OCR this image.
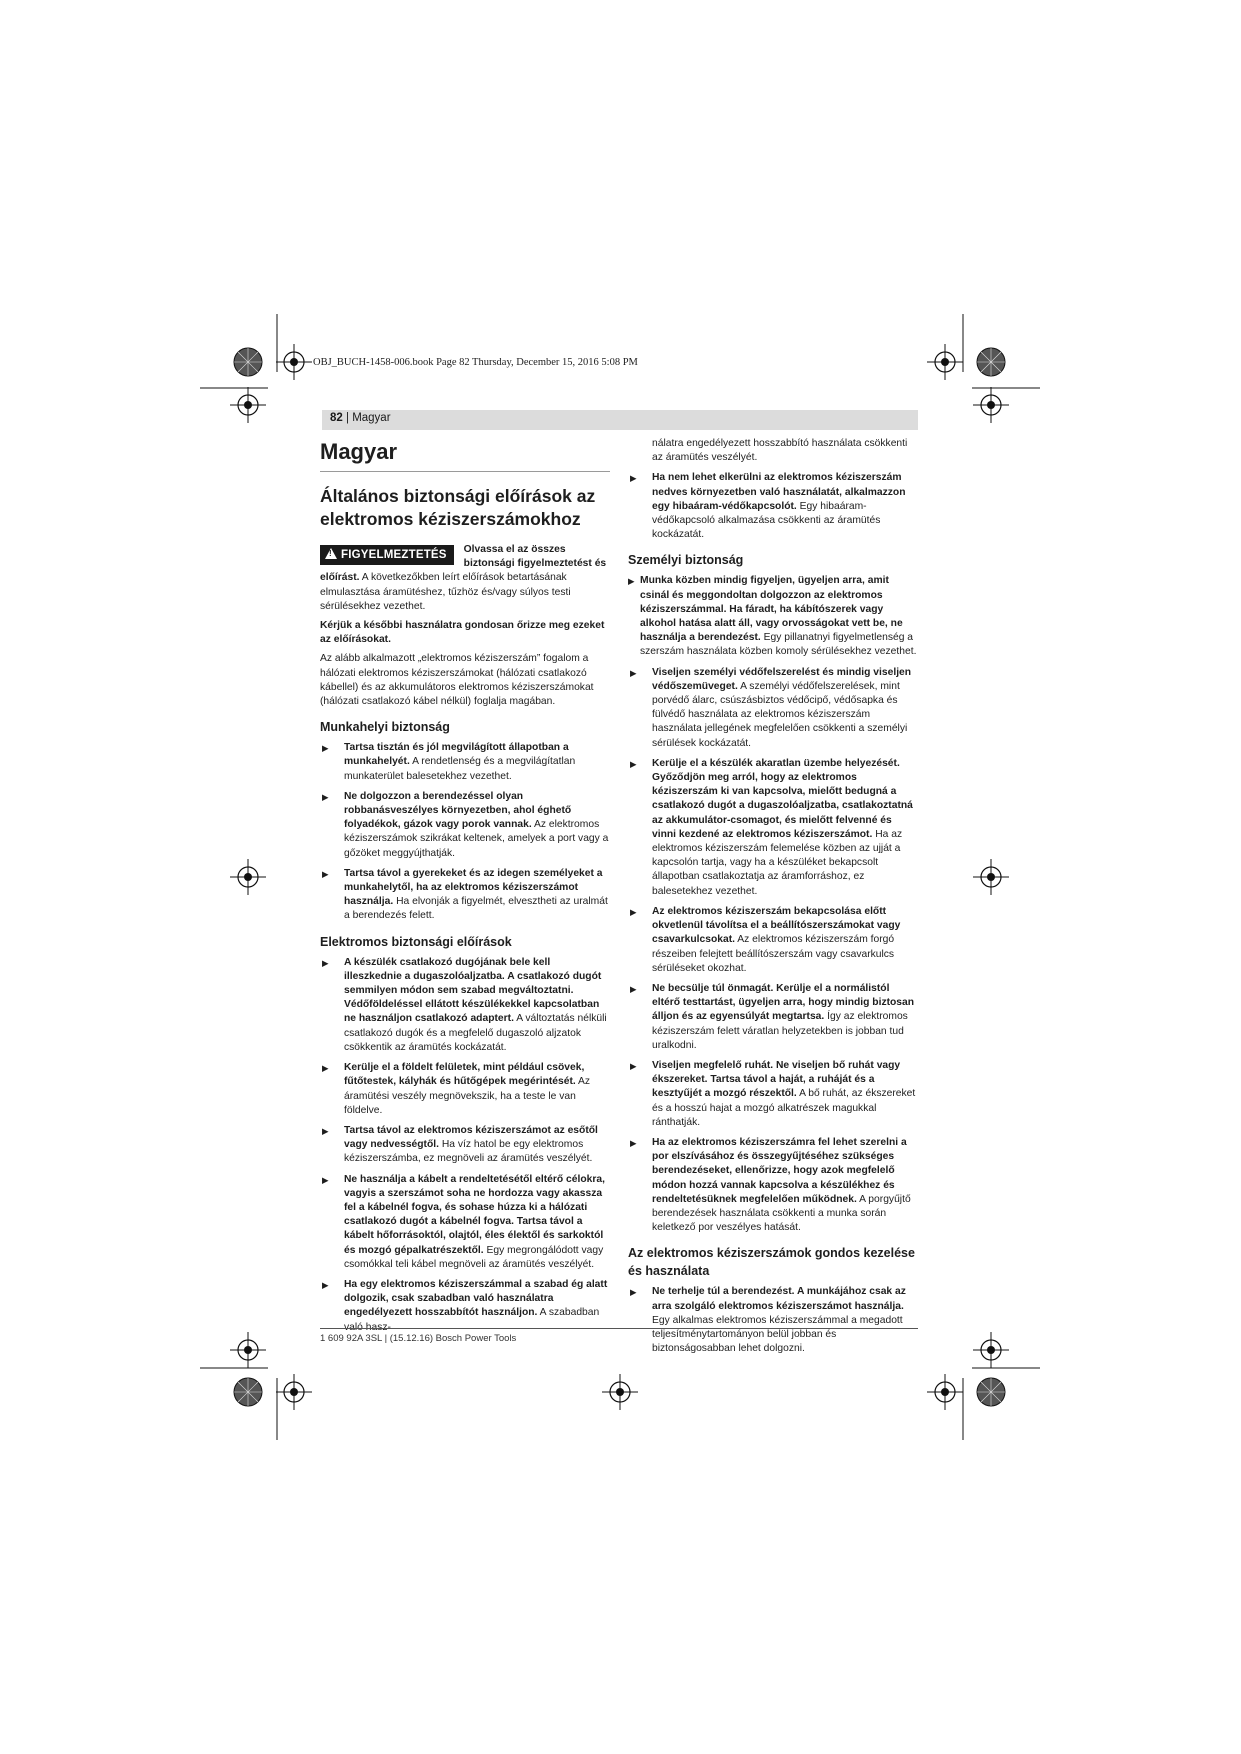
OBJ_BUCH-1458-006.book Page 82 Thursday, December 15, 2016 5:08 PM
82 | Magyar
Magyar
Általános biztonsági előírások az elektromos kéziszerszámokhoz
!FIGYELMEZTETÉS	Olvassa el az összes biztonsági figyelmeztetést és előírást. A következőkben leírt előírások betartásának elmulasztása áramütéshez, tűzhöz és/vagy súlyos testi sérülésekhez vezethet.

Kérjük a későbbi használatra gondosan őrizze meg ezeket az előírásokat.

Az alább alkalmazott „elektromos kéziszerszám” fogalom a hálózati elektromos kéziszerszámokat (hálózati csatlakozó kábellel) és az akkumulátoros elektromos kéziszerszámokat (hálózati csatlakozó kábel nélkül) foglalja magában.

Munkahelyi biztonság
▶ Tartsa tisztán és jól megvilágított állapotban a munkahelyét. A rendetlenség és a megvilágítatlan munkaterület balesetekhez vezethet.
▶ Ne dolgozzon a berendezéssel olyan robbanásveszélyes környezetben, ahol éghető folyadékok, gázok vagy porok vannak. Az elektromos kéziszerszámok szikrákat keltenek, amelyek a port vagy a gőzöket meggyújthatják.
▶ Tartsa távol a gyerekeket és az idegen személyeket a munkahelytől, ha az elektromos kéziszerszámot használja. Ha elvonják a figyelmét, elvesztheti az uralmát a berendezés felett.
Elektromos biztonsági előírások
▶ A készülék csatlakozó dugójának bele kell illeszkednie a dugaszolóaljzatba. A csatlakozó dugót semmilyen módon sem szabad megváltoztatni. Védőföldeléssel ellátott készülékekkel kapcsolatban ne használjon csatlakozó adaptert. A változtatás nélküli csatlakozó dugók és a megfelelő dugaszoló aljzatok csökkentik az áramütés kockázatát.
▶ Kerülje el a földelt felületek, mint például csövek, fűtőtestek, kályhák és hűtőgépek megérintését. Az áramütési veszély megnövekszik, ha a teste le van földelve.
▶ Tartsa távol az elektromos kéziszerszámot az esőtől vagy nedvességtől. Ha víz hatol be egy elektromos kéziszerszámba, ez megnöveli az áramütés veszélyét.
▶ Ne használja a kábelt a rendeltetésétől eltérő célokra, vagyis a szerszámot soha ne hordozza vagy akassza fel a kábelnél fogva, és sohase húzza ki a hálózati csatlakozó dugót a kábelnél fogva. Tartsa távol a kábelt hőforrásoktól, olajtól, éles élektől és sarkoktól és mozgó gépalkatrészektől. Egy megrongálódott vagy csomókkal teli kábel megnöveli az áramütés veszélyét.
▶ Ha egy elektromos kéziszerszámmal a szabad ég alatt dolgozik, csak szabadban való használatra engedélyezett hosszabbítót használjon. A szabadban való hasz-
nálatra engedélyezett hosszabbító használata csökkenti az áramütés veszélyét.
▶ Ha nem lehet elkerülni az elektromos kéziszerszám nedves környezetben való használatát, alkalmazzon egy hibaáram-védőkapcsolót. Egy hibaáram-védőkapcsoló alkalmazása csökkenti az áramütés kockázatát.
Személyi biztonság
▶ Munka közben mindig figyeljen, ügyeljen arra, amit csinál és meggondoltan dolgozzon az elektromos kéziszerszámmal. Ha fáradt, ha kábítószerek vagy alkohol hatása alatt áll, vagy orvosságokat vett be, ne használja a berendezést. Egy pillanatnyi figyelmetlenség a szerszám használata közben komoly sérülésekhez vezethet.
▶ Viseljen személyi védőfelszerelést és mindig viseljen védőszemüveget. A személyi védőfelszerelések, mint porvédő álarc, csúszásbiztos védőcipő, védősapka és fülvédő használata az elektromos kéziszerszám használata jellegének megfelelően csökkenti a személyi sérülések kockázatát.
▶ Kerülje el a készülék akaratlan üzembe helyezését. Győződjön meg arról, hogy az elektromos kéziszerszám ki van kapcsolva, mielőtt bedugná a csatlakozó dugót a dugaszolóaljzatba, csatlakoztatná az akkumulátor-csomagot, és mielőtt felvenné és vinni kezdené az elektromos kéziszerszámot. Ha az elektromos kéziszerszám felemelése közben az ujját a kapcsolón tartja, vagy ha a készüléket bekapcsolt állapotban csatlakoztatja az áramforráshoz, ez balesetekhez vezethet.
▶ Az elektromos kéziszerszám bekapcsolása előtt okvetlenül távolítsa el a beállítószerszámokat vagy csavarkulcsokat. Az elektromos kéziszerszám forgó részeiben felejtett beállítószerszám vagy csavarkulcs sérüléseket okozhat.
▶ Ne becsülje túl önmagát. Kerülje el a normálistól eltérő testtartást, ügyeljen arra, hogy mindig biztosan álljon és az egyensúlyát megtartsa. Így az elektromos kéziszerszám felett váratlan helyzetekben is jobban tud uralkodni.
▶ Viseljen megfelelő ruhát. Ne viseljen bő ruhát vagy ékszereket. Tartsa távol a haját, a ruháját és a kesztyűjét a mozgó részektől. A bő ruhát, az ékszereket és a hosszú hajat a mozgó alkatrészek magukkal ránthatják.
▶ Ha az elektromos kéziszerszámra fel lehet szerelni a por elszívásához és összegyűjtéséhez szükséges berendezéseket, ellenőrizze, hogy azok megfelelő módon hozzá vannak kapcsolva a készülékhez és rendeltetésüknek megfelelően működnek. A porgyűjtő berendezések használata csökkenti a munka során keletkező por veszélyes hatását.
Az elektromos kéziszerszámok gondos kezelése és használata
▶ Ne terhelje túl a berendezést. A munkájához csak az arra szolgáló elektromos kéziszerszámot használja. Egy alkalmas elektromos kéziszerszámmal a megadott teljesítménytartományon belül jobban és biztonságosabban lehet dolgozni.
1 609 92A 3SL | (15.12.16) Bosch Power Tools
